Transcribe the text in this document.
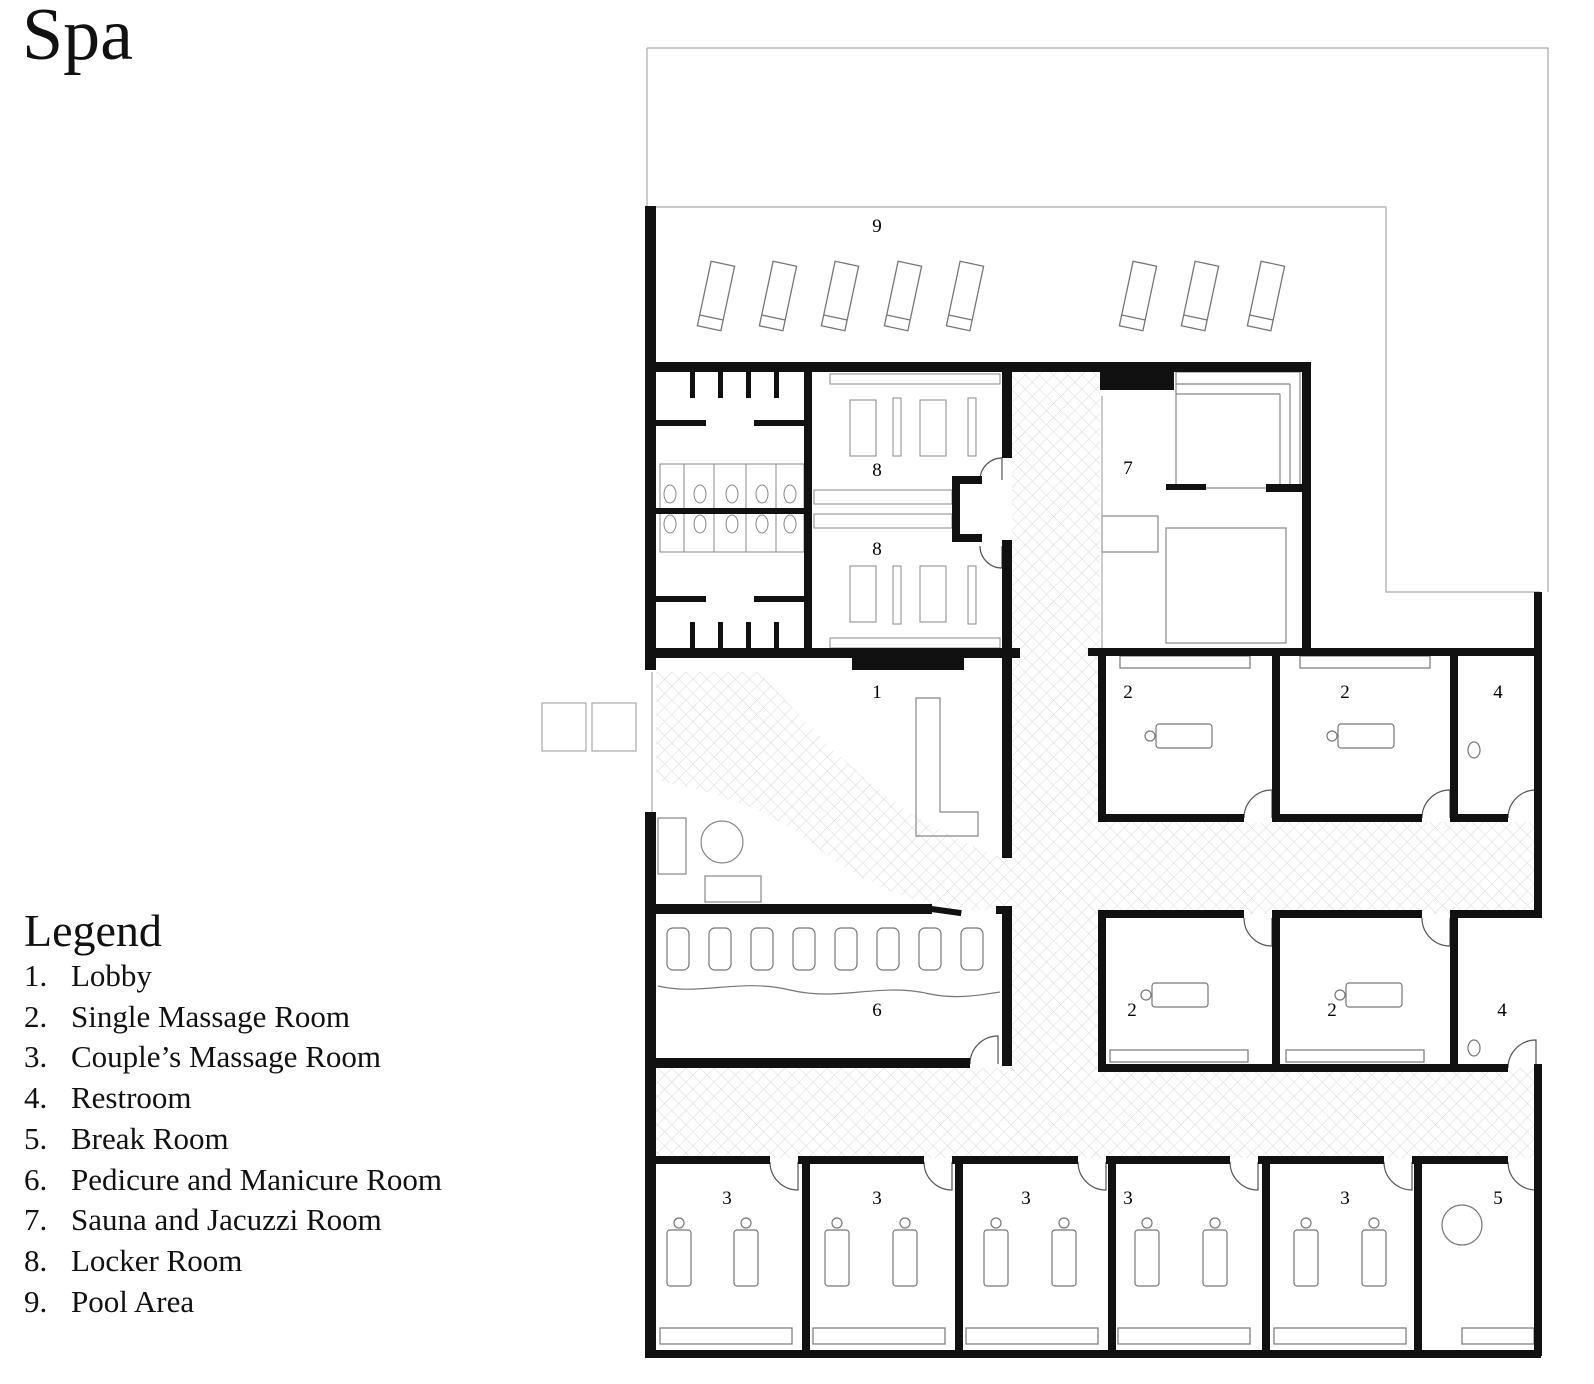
9
8
8
7
1
6
2	2
2	2
4
4
3	3	3	3	3	5
Spa
Legend
1. Lobby
2. Single Massage Room
3. Couple’s Massage Room
4. Restroom
5. Break Room
6. Pedicure and Manicure Room
7. Sauna and Jacuzzi Room
8. Locker Room
9. Pool Area
